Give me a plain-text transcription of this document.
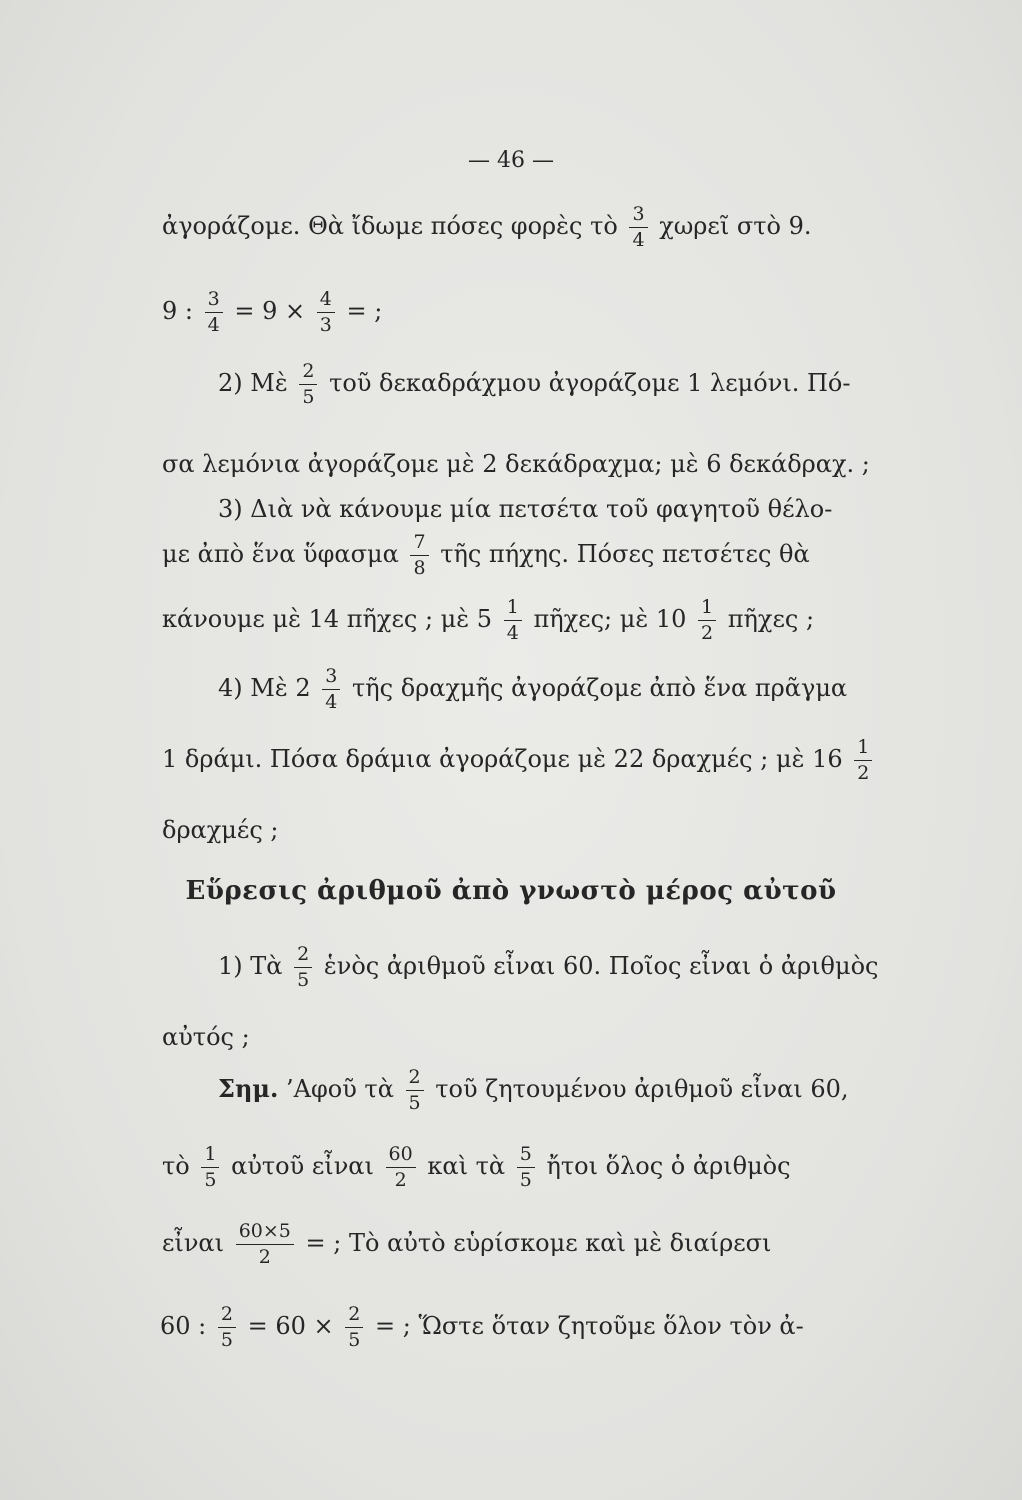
— 46 —
ἀγοράζομε. Θὰ ἴδωμε πόσες φορὲς τὸ $\frac{3}{4}$ χωρεῖ στὸ 9.
9 : $\frac{3}{4} = 9 \times \frac{4}{3}$ = ;
2) Μὲ $\frac{2}{5}$ τοῦ δεκαδράχμου ἀγοράζομε 1 λεμόνι. Πό-
σα λεμόνια ἀγοράζομε μὲ 2 δεκάδραχμα; μὲ 6 δεκάδραχ. ;
3) Διὰ νὰ κάνουμε μία πετσέτα τοῦ φαγητοῦ θέλο-
με ἀπὸ ἕνα ὕφασμα $\frac{7}{8}$ τῆς πήχης. Πόσες πετσέτες θὰ
κάνουμε μὲ 14 πῆχες ; μὲ $5 \frac{1}{4}$ πῆχες; μὲ $10 \frac{1}{2}$ πῆχες ;
4) Μὲ $2 \frac{3}{4}$ τῆς δραχμῆς ἀγοράζομε ἀπὸ ἕνα πρᾶγμα
1 δράμι. Πόσα δράμια ἀγοράζομε μὲ 22 δραχμές ; μὲ $16 \frac{1}{2}$
δραχμές ;
Εὕρεσις ἀριθμοῦ ἀπὸ γνωστὸ μέρος αὐτοῦ
1) Τὰ $\frac{2}{5}$ ἑνὸς ἀριθμοῦ εἶναι 60. Ποῖος εἶναι ὁ ἀριθμὸς
αὐτός ;
Σημ. ’Αφοῦ τὰ $\frac{2}{5}$ τοῦ ζητουμένου ἀριθμοῦ εἶναι 60,
τὸ $\frac{1}{5}$ αὐτοῦ εἶναι $\frac{60}{2}$ καὶ τὰ $\frac{5}{5}$ ἤτοι ὅλος ὁ ἀριθμὸς
εἶναι $\frac{60\times 5}{2}$ = ; Τὸ αὐτὸ εὑρίσκομε καὶ μὲ διαίρεσι
60 : $\frac{2}{5} = 60 \times \frac{2}{5}$ = ; Ὥστε ὅταν ζητοῦμε ὅλον τὸν ἀ-
